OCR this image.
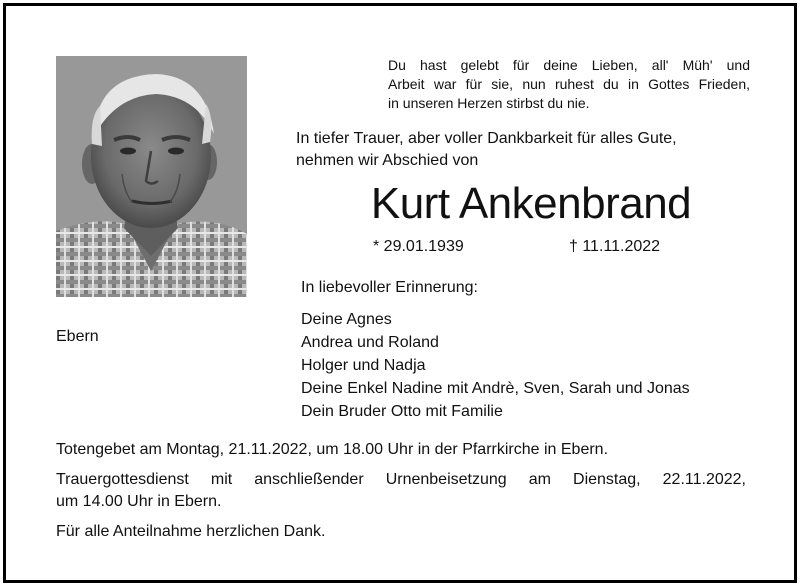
Du hast gelebt für deine Lieben, all' Müh' und
Arbeit war für sie, nun ruhest du in Gottes Frieden,
in unseren Herzen stirbst du nie.
In tiefer Trauer, aber voller Dankbarkeit für alles Gute,
nehmen wir Abschied von
Kurt Ankenbrand
* 29.01.1939	† 11.11.2022
In liebevoller Erinnerung:
Deine Agnes
Andrea und Roland
Holger und Nadja
Deine Enkel Nadine mit Andrè, Sven, Sarah und Jonas
Dein Bruder Otto mit Familie
Ebern

Totengebet am Montag, 21.11.2022, um 18.00 Uhr in der Pfarrkirche in Ebern.

Trauergottesdienst mit anschließender Urnenbeisetzung am Dienstag, 22.11.2022,
um 14.00 Uhr in Ebern.

Für alle Anteilnahme herzlichen Dank.
